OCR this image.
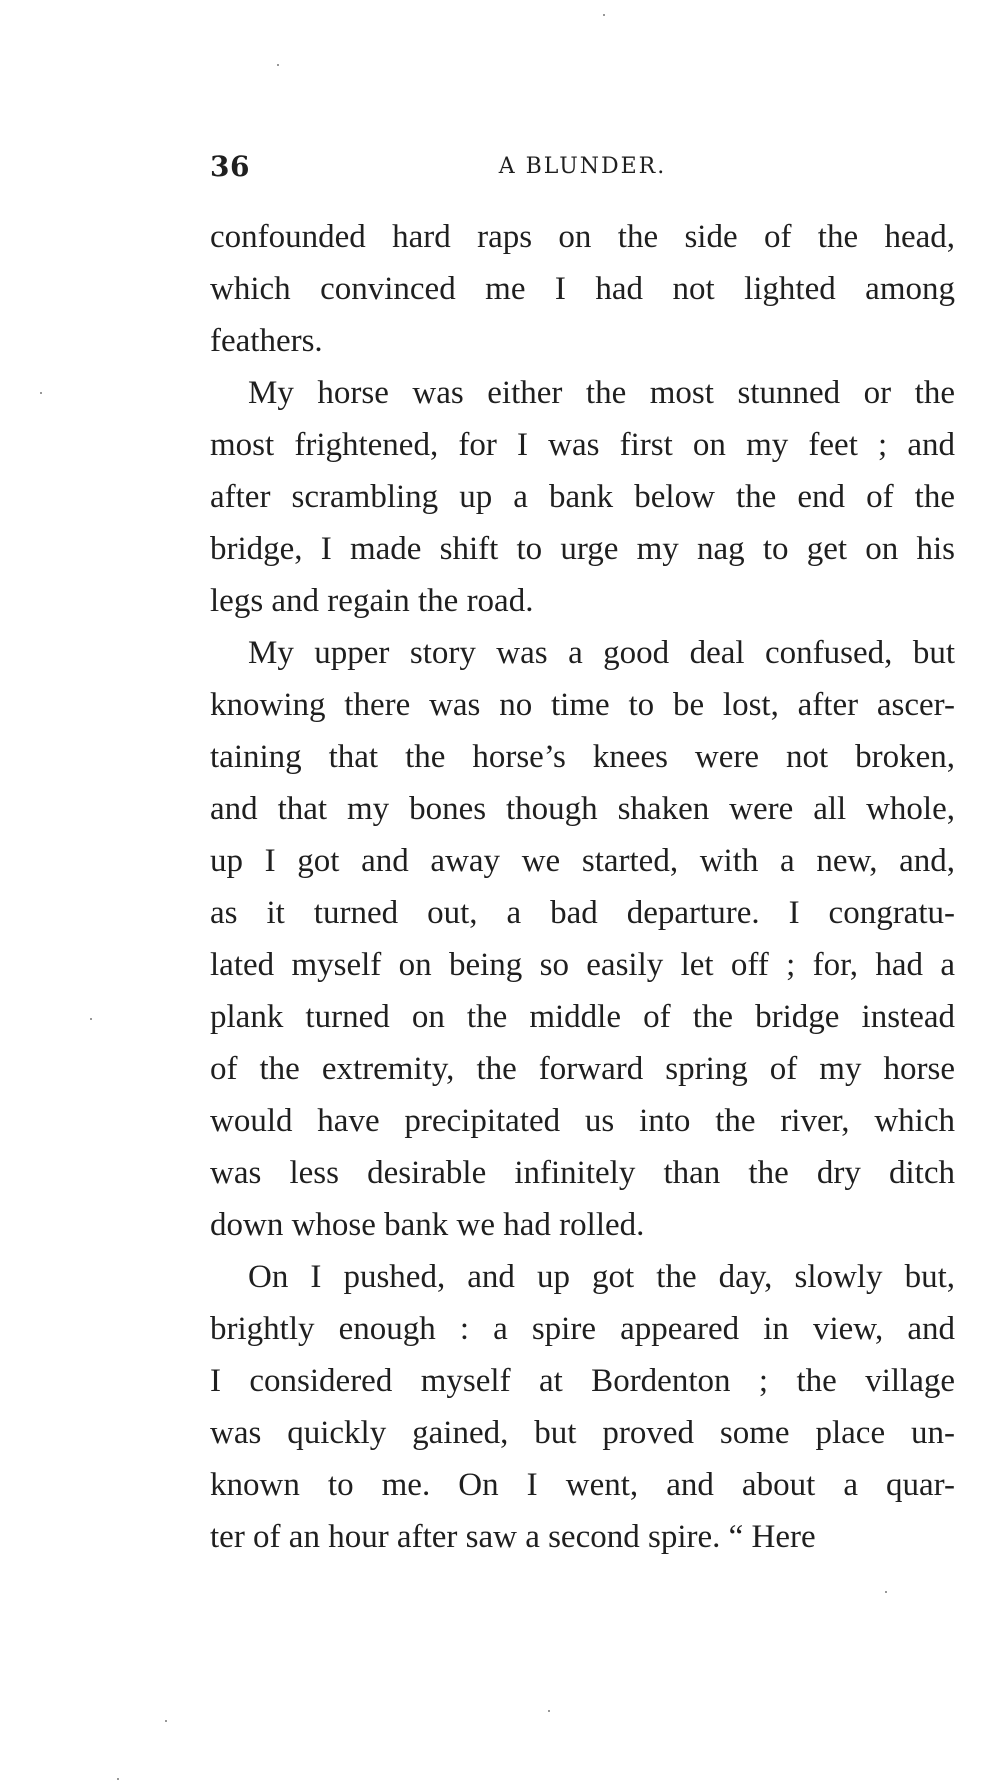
36	A BLUNDER.
confounded hard raps on the side of the head,
which convinced me I had not lighted among
feathers.
My horse was either the most stunned or the
most frightened, for I was first on my feet ; and
after scrambling up a bank below the end of the
bridge, I made shift to urge my nag to get on his
legs and regain the road.
My upper story was a good deal confused, but
knowing there was no time to be lost, after ascer-
taining that the horse’s knees were not broken,
and that my bones though shaken were all whole,
up I got and away we started, with a new, and,
as it turned out, a bad departure. I congratu-
lated myself on being so easily let off ; for, had a
plank turned on the middle of the bridge instead
of the extremity, the forward spring of my horse
would have precipitated us into the river, which
was less desirable infinitely than the dry ditch
down whose bank we had rolled.
On I pushed, and up got the day, slowly but,
brightly enough : a spire appeared in view, and
I considered myself at Bordenton ; the village
was quickly gained, but proved some place un-
known to me. On I went, and about a quar-
ter of an hour after saw a second spire. “ Here
